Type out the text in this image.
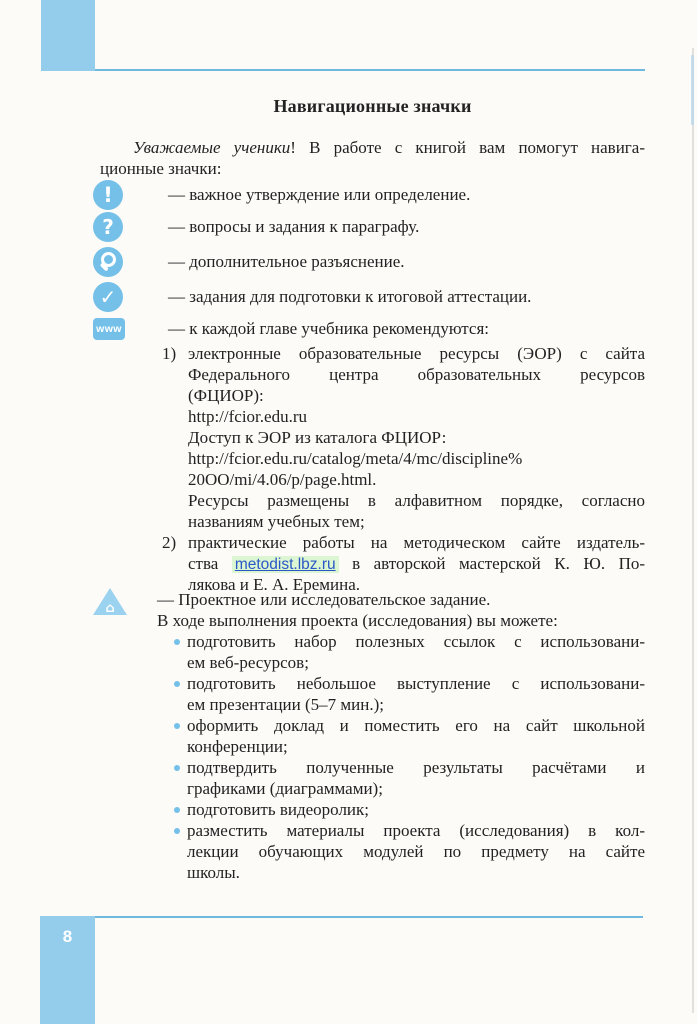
Навигационные значки
Уважаемые ученики! В работе с книгой вам помогут навига-
ционные значки:
!	— важное утверждение или определение.
?	— вопросы и задания к параграфу.
— дополнительное разъяснение.
✓	— задания для подготовки к итоговой аттестации.
www	— к каждой главе учебника рекомендуются:
1) электронные образовательные ресурсы (ЭОР) с сайта
Федерального центра образовательных ресурсов
(ФЦИОР):
http://fcior.edu.ru
Доступ к ЭОР из каталога ФЦИОР:
http://fcior.edu.ru/catalog/meta/4/mc/discipline%
20OO/mi/4.06/p/page.html.
Ресурсы размещены в алфавитном порядке, согласно
названиям учебных тем;
2) практические работы на методическом сайте издатель-
ства metodist.lbz.ru в авторской мастерской К. Ю. По-
лякова и Е. А. Еремина.
⌂ — Проектное или исследовательское задание.
В ходе выполнения проекта (исследования) вы можете:
подготовить набор полезных ссылок с использовани-
ем веб-ресурсов;
подготовить небольшое выступление с использовани-
ем презентации (5–7 мин.);
оформить доклад и поместить его на сайт школьной
конференции;
подтвердить полученные результаты расчётами и
графиками (диаграммами);
подготовить видеоролик;
разместить материалы проекта (исследования) в кол-
лекции обучающих модулей по предмету на сайте
школы.
8
